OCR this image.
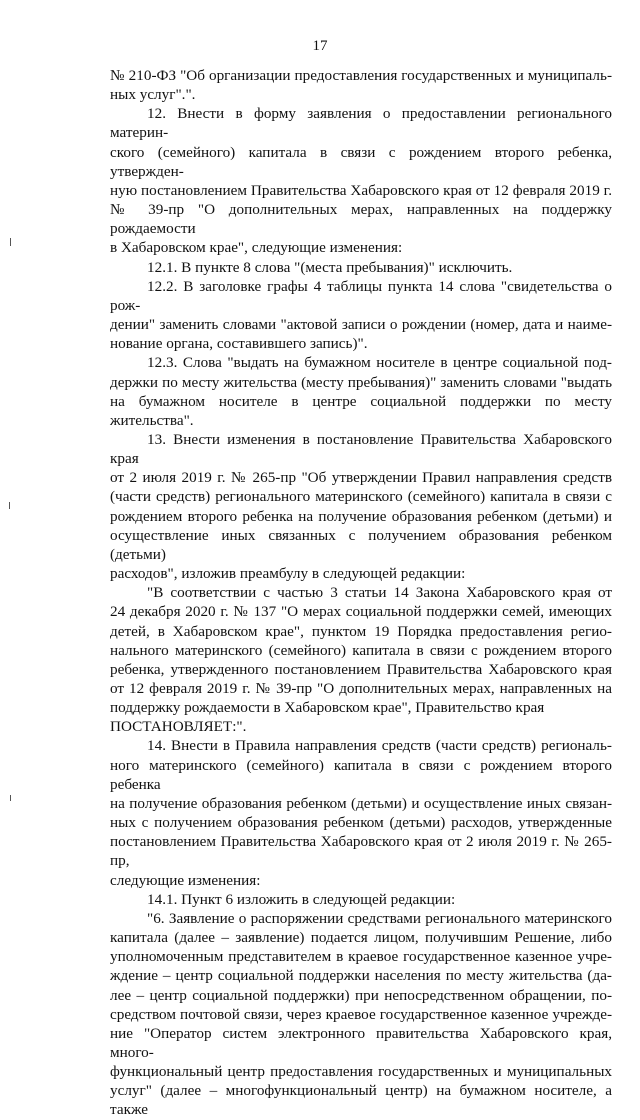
17

№ 210-ФЗ "Об организации предоставления государственных и муниципаль-

ных услуг".".

12. Внести в форму заявления о предоставлении регионального материн-

ского (семейного) капитала в связи с рождением второго ребенка, утвержден-

ную постановлением Правительства Хабаровского края от 12 февраля 2019 г.

№ 39-пр "О дополнительных мерах, направленных на поддержку рождаемости

в Хабаровском крае", следующие изменения:

12.1. В пункте 8 слова "(места пребывания)" исключить.

12.2. В заголовке графы 4 таблицы пункта 14 слова "свидетельства о рож-

дении" заменить словами "актовой записи о рождении (номер, дата и наиме-

нование органа, составившего запись)".

12.3. Слова "выдать на бумажном носителе в центре социальной под-

держки по месту жительства (месту пребывания)" заменить словами "выдать

на бумажном носителе в центре социальной поддержки по месту жительства".

13. Внести изменения в постановление Правительства Хабаровского края

от 2 июля 2019 г. № 265-пр "Об утверждении Правил направления средств

(части средств) регионального материнского (семейного) капитала в связи с

рождением второго ребенка на получение образования ребенком (детьми) и

осуществление иных связанных с получением образования ребенком (детьми)

расходов", изложив преамбулу в следующей редакции:

"В соответствии с частью 3 статьи 14 Закона Хабаровского края от

24 декабря 2020 г. № 137 "О мерах социальной поддержки семей, имеющих

детей, в Хабаровском крае", пунктом 19 Порядка предоставления регио-

нального материнского (семейного) капитала в связи с рождением второго

ребенка, утвержденного постановлением Правительства Хабаровского края

от 12 февраля 2019 г. № 39-пр "О дополнительных мерах, направленных на

поддержку рождаемости в Хабаровском крае", Правительство края

ПОСТАНОВЛЯЕТ:".

14. Внести в Правила направления средств (части средств) региональ-

ного материнского (семейного) капитала в связи с рождением второго ребенка

на получение образования ребенком (детьми) и осуществление иных связан-

ных с получением образования ребенком (детьми) расходов, утвержденные

постановлением Правительства Хабаровского края от 2 июля 2019 г. № 265-пр,

следующие изменения:

14.1. Пункт 6 изложить в следующей редакции:

"6. Заявление о распоряжении средствами регионального материнского

капитала (далее – заявление) подается лицом, получившим Решение, либо

уполномоченным представителем в краевое государственное казенное учре-

ждение – центр социальной поддержки населения по месту жительства (да-

лее – центр социальной поддержки) при непосредственном обращении, по-

средством почтовой связи, через краевое государственное казенное учрежде-

ние "Оператор систем электронного правительства Хабаровского края, много-

функциональный центр предоставления государственных и муниципальных

услуг" (далее – многофункциональный центр) на бумажном носителе, а также
